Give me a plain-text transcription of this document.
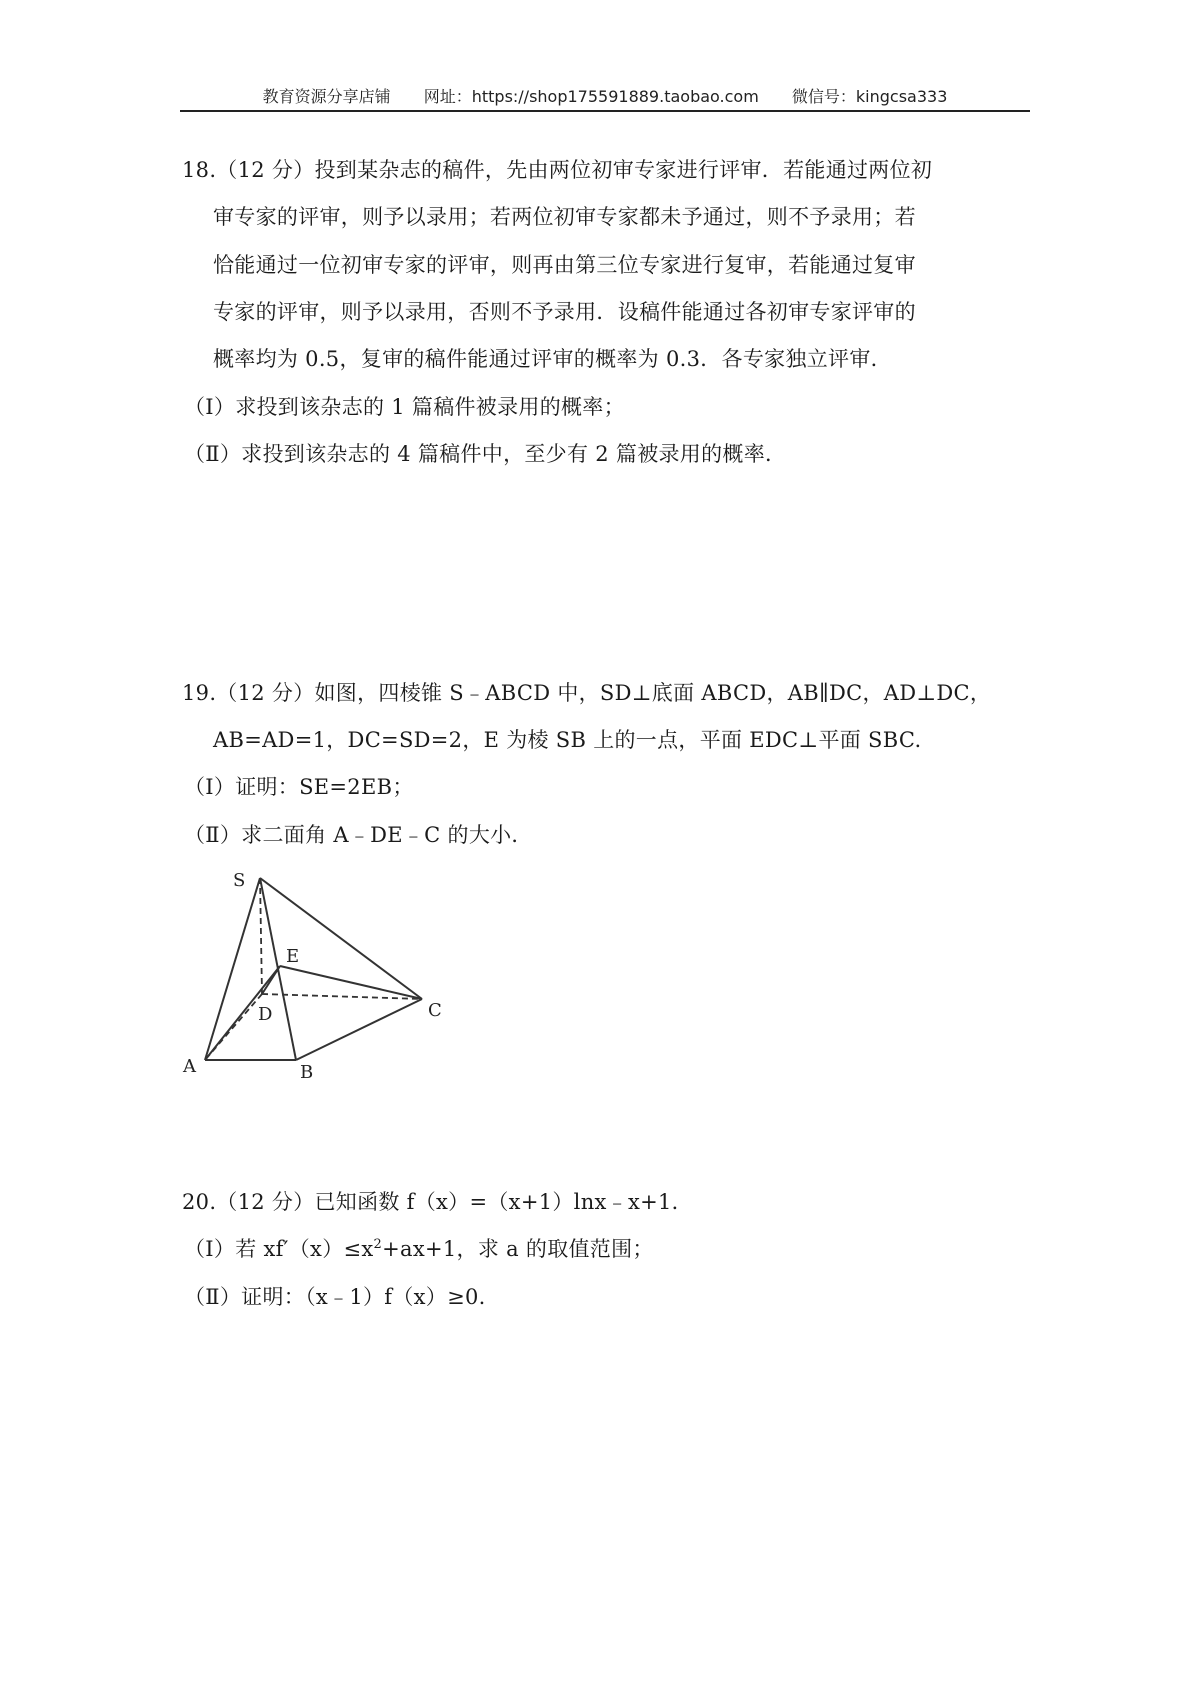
教育资源分享店铺 网址：https://shop175591889.taobao.com 微信号：kingcsa333
18.（12 分）投到某杂志的稿件，先由两位初审专家进行评审．若能通过两位初
审专家的评审，则予以录用；若两位初审专家都未予通过，则不予录用；若
恰能通过一位初审专家的评审，则再由第三位专家进行复审，若能通过复审
专家的评审，则予以录用，否则不予录用．设稿件能通过各初审专家评审的
概率均为 0.5，复审的稿件能通过评审的概率为 0.3．各专家独立评审．
（Ⅰ）求投到该杂志的 1 篇稿件被录用的概率；
（Ⅱ）求投到该杂志的 4 篇稿件中，至少有 2 篇被录用的概率．
19.（12 分）如图，四棱锥 S﹣ABCD 中，SD⊥底面 ABCD，AB∥DC，AD⊥DC，
AB=AD=1，DC=SD=2，E 为棱 SB 上的一点，平面 EDC⊥平面 SBC.
（Ⅰ）证明：SE=2EB；
（Ⅱ）求二面角 A﹣DE﹣C 的大小．
S
E
D	C
A	B
20.（12 分）已知函数 f（x）=（x+1）lnx﹣x+1．
（Ⅰ）若 $xf'(x)\le x^2+ax+1$，求 a 的取值范围；
（Ⅱ）证明：（x﹣1）f（x）≥0.
